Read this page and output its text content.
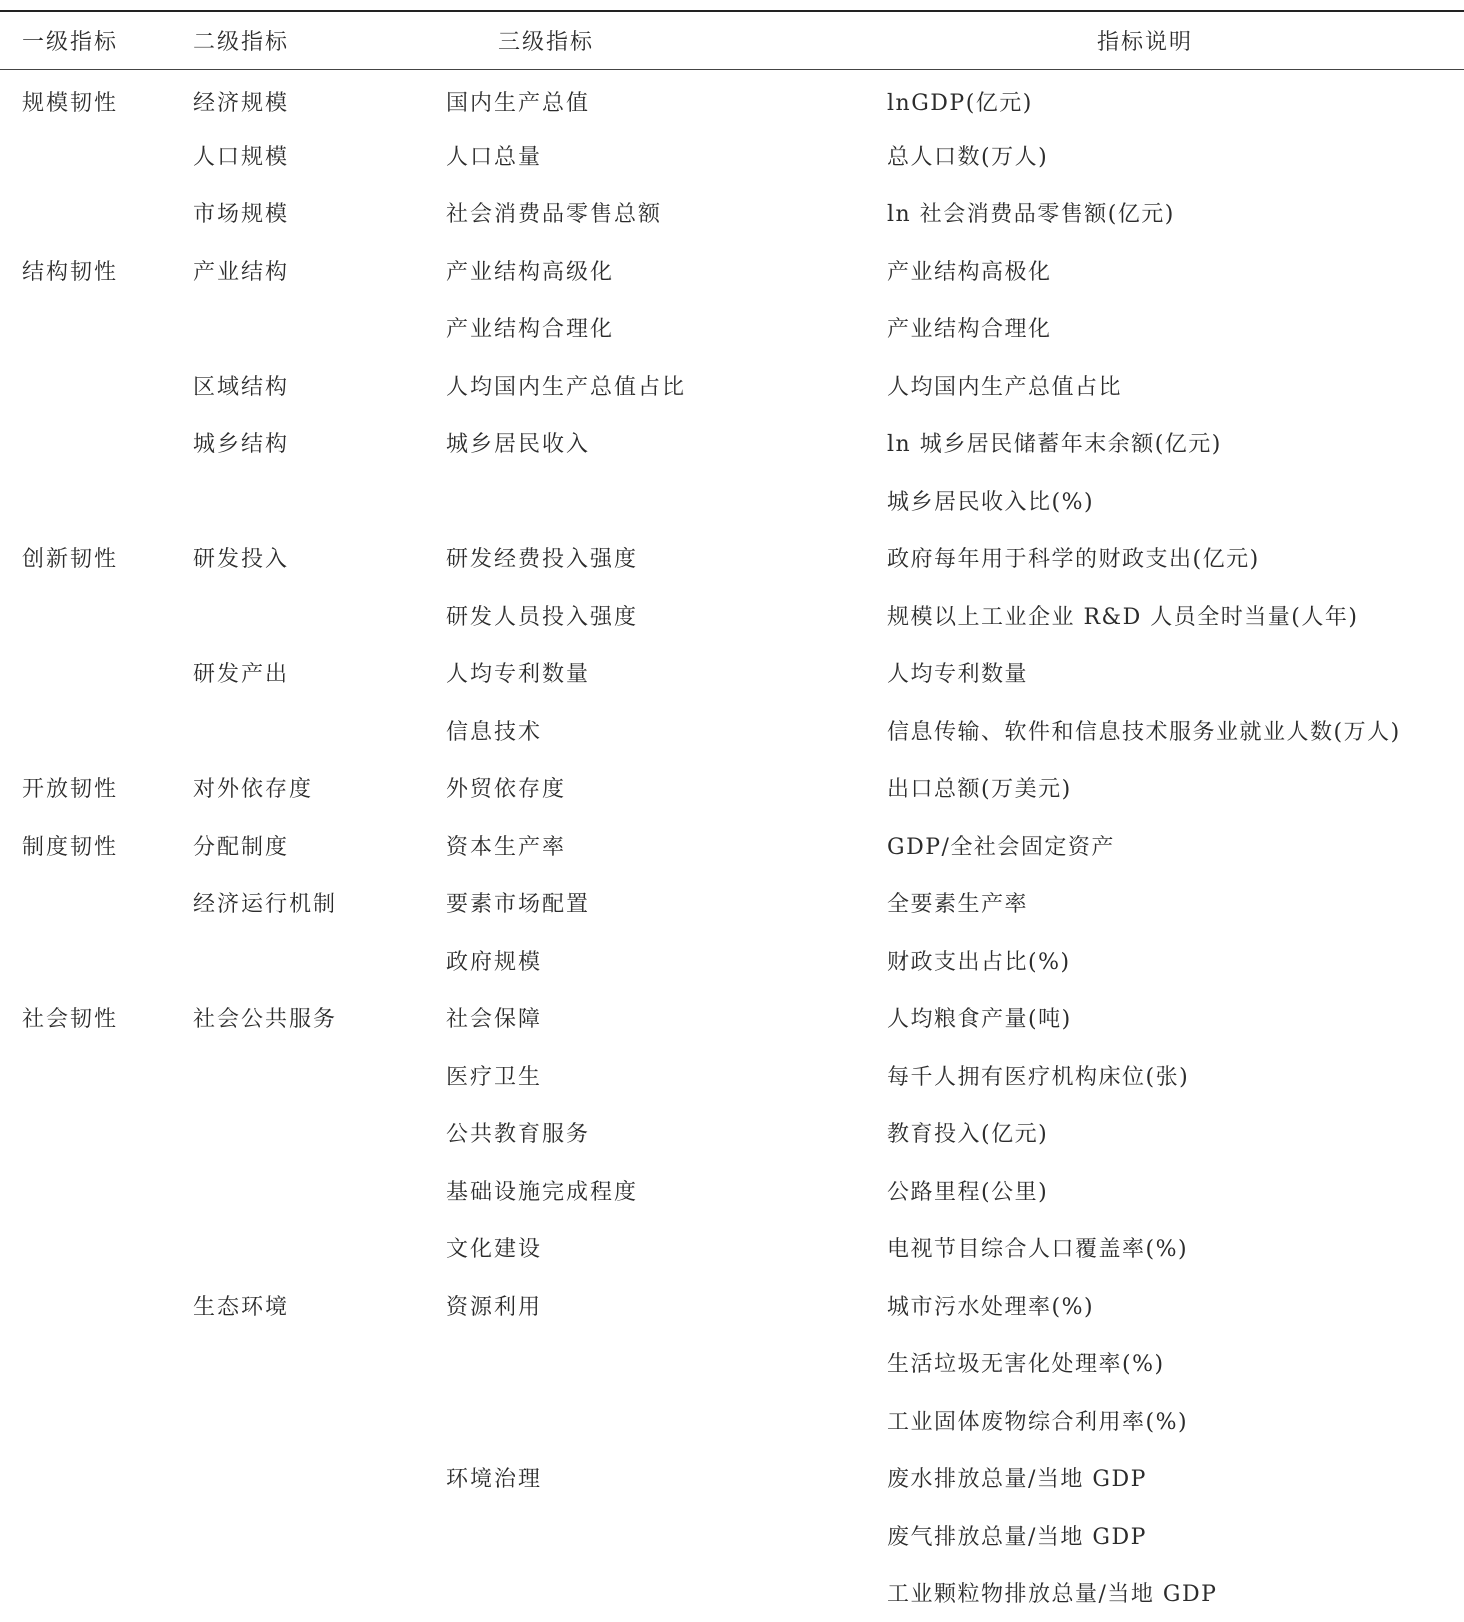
一级指标	二级指标	三级指标	指标说明
规模韧性	经济规模	国内生产总值	lnGDP(亿元)
	人口规模	人口总量	总人口数(万人)
	市场规模	社会消费品零售总额	ln 社会消费品零售额(亿元)
结构韧性	产业结构	产业结构高级化	产业结构高极化
		产业结构合理化	产业结构合理化
	区域结构	人均国内生产总值占比	人均国内生产总值占比
	城乡结构	城乡居民收入	ln 城乡居民储蓄年末余额(亿元)
			城乡居民收入比(%)
创新韧性	研发投入	研发经费投入强度	政府每年用于科学的财政支出(亿元)
		研发人员投入强度	规模以上工业企业 R&D 人员全时当量(人年)
	研发产出	人均专利数量	人均专利数量
		信息技术	信息传输、软件和信息技术服务业就业人数(万人)
开放韧性	对外依存度	外贸依存度	出口总额(万美元)
制度韧性	分配制度	资本生产率	GDP/全社会固定资产
	经济运行机制	要素市场配置	全要素生产率
		政府规模	财政支出占比(%)
社会韧性	社会公共服务	社会保障	人均粮食产量(吨)
		医疗卫生	每千人拥有医疗机构床位(张)
		公共教育服务	教育投入(亿元)
		基础设施完成程度	公路里程(公里)
		文化建设	电视节目综合人口覆盖率(%)
	生态环境	资源利用	城市污水处理率(%)
			生活垃圾无害化处理率(%)
			工业固体废物综合利用率(%)
		环境治理	废水排放总量/当地 GDP
			废气排放总量/当地 GDP
			工业颗粒物排放总量/当地 GDP
